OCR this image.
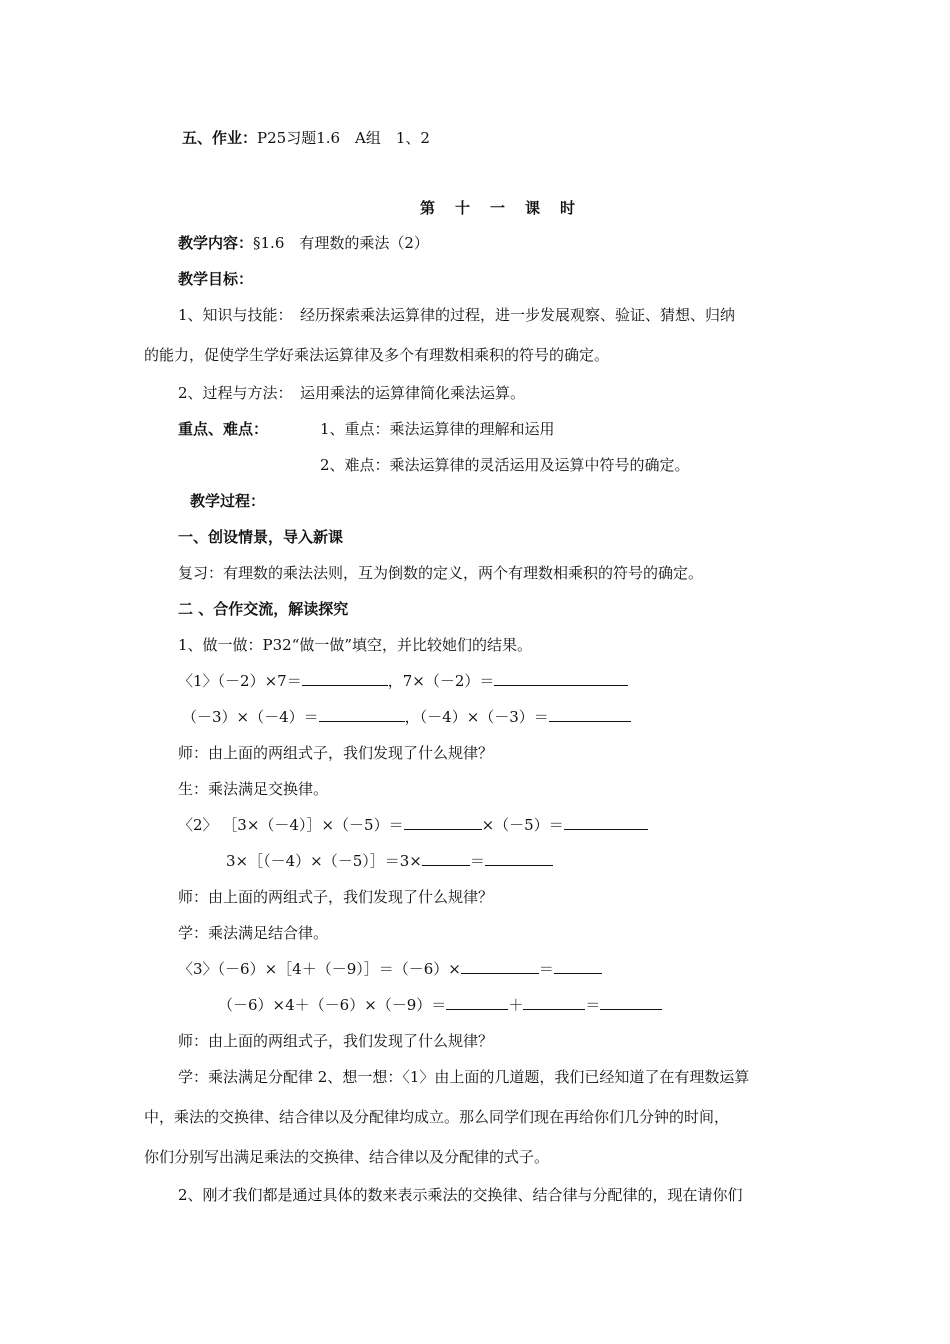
五、作业：P25习题1.6　A组　1、2
第十一课时
教学内容：§1.6　有理数的乘法（2）
教学目标：
1、知识与技能：　经历探索乘法运算律的过程，进一步发展观察、验证、猜想、归纳
的能力，促使学生学好乘法运算律及多个有理数相乘积的符号的确定。
2、过程与方法：　运用乘法的运算律简化乘法运算。
重点、难点：	1、重点：乘法运算律的理解和运用
2、难点：乘法运算律的灵活运用及运算中符号的确定。
教学过程：
一、创设情景，导入新课
复习：有理数的乘法法则，互为倒数的定义，两个有理数相乘积的符号的确定。
二 、合作交流，解读探究
1、做一做：P32“做一做”填空，并比较她们的结果。
〈1〉（－2）×7＝	，7×（－2）＝
（－3）×（－4）＝	，（－4）×（－3）＝
师：由上面的两组式子，我们发现了什么规律？
生：乘法满足交换律。
〈2〉 ［3×（－4）］×（－5）＝	×（－5）＝
3×［（－4）×（－5）］＝3×	＝
师：由上面的两组式子，我们发现了什么规律？
学：乘法满足结合律。
〈3〉（－6）×［4＋（－9）］＝（－6）×	＝
（－6）×4＋（－6）×（－9）＝	＋	＝
师：由上面的两组式子，我们发现了什么规律？
学：乘法满足分配律 2、想一想：〈1〉由上面的几道题，我们已经知道了在有理数运算
中，乘法的交换律、结合律以及分配律均成立。那么同学们现在再给你们几分钟的时间，
你们分别写出满足乘法的交换律、结合律以及分配律的式子。
2、刚才我们都是通过具体的数来表示乘法的交换律、结合律与分配律的，现在请你们
